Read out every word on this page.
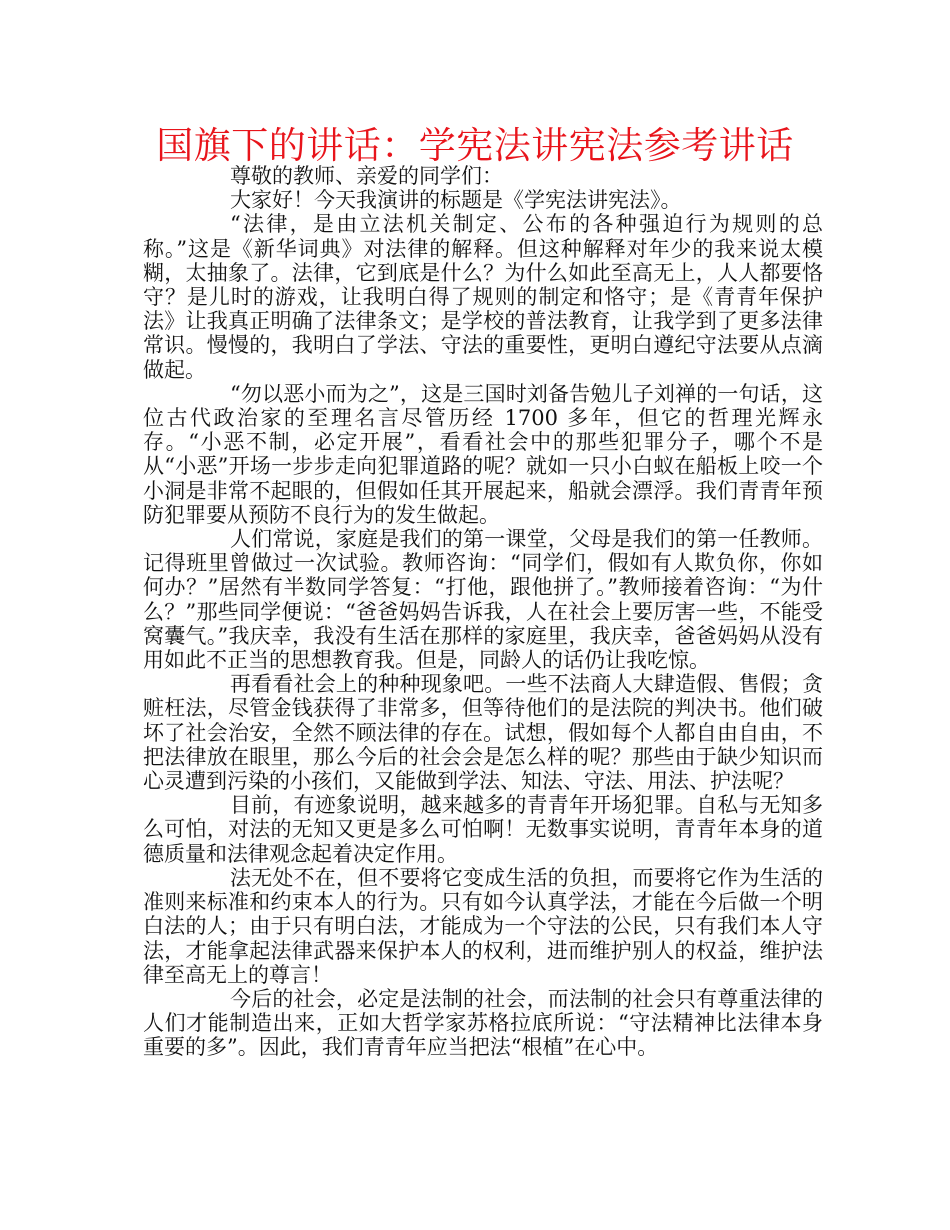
国旗下的讲话：学宪法讲宪法参考讲话

尊敬的教师、亲爱的同学们：

大家好！今天我演讲的标题是《学宪法讲宪法》。

“法律，是由立法机关制定、公布的各种强迫行为规则的总称。”这是《新华词典》对法律的解释。但这种解释对年少的我来说太模糊，太抽象了。法律，它到底是什么？为什么如此至高无上，人人都要恪守？是儿时的游戏，让我明白得了规则的制定和恪守；是《青青年保护法》让我真正明确了法律条文；是学校的普法教育，让我学到了更多法律常识。慢慢的，我明白了学法、守法的重要性，更明白遵纪守法要从点滴做起。

“勿以恶小而为之”，这是三国时刘备告勉儿子刘禅的一句话，这位古代政治家的至理名言尽管历经 1700 多年，但它的哲理光辉永存。“小恶不制，必定开展”，看看社会中的那些犯罪分子，哪个不是从“小恶”开场一步步走向犯罪道路的呢？就如一只小白蚁在船板上咬一个小洞是非常不起眼的，但假如任其开展起来，船就会漂浮。我们青青年预防犯罪要从预防不良行为的发生做起。

人们常说，家庭是我们的第一课堂，父母是我们的第一任教师。记得班里曾做过一次试验。教师咨询：“同学们，假如有人欺负你，你如何办？”居然有半数同学答复：“打他，跟他拼了。”教师接着咨询：“为什么？”那些同学便说：“爸爸妈妈告诉我，人在社会上要厉害一些，不能受窝囊气。”我庆幸，我没有生活在那样的家庭里，我庆幸，爸爸妈妈从没有用如此不正当的思想教育我。但是，同龄人的话仍让我吃惊。

再看看社会上的种种现象吧。一些不法商人大肆造假、售假；贪赃枉法，尽管金钱获得了非常多，但等待他们的是法院的判决书。他们破坏了社会治安，全然不顾法律的存在。试想，假如每个人都自由自由，不把法律放在眼里，那么今后的社会会是怎么样的呢？那些由于缺少知识而心灵遭到污染的小孩们，又能做到学法、知法、守法、用法、护法呢？

目前，有迹象说明，越来越多的青青年开场犯罪。自私与无知多么可怕，对法的无知又更是多么可怕啊！无数事实说明，青青年本身的道德质量和法律观念起着决定作用。

法无处不在，但不要将它变成生活的负担，而要将它作为生活的准则来标准和约束本人的行为。只有如今认真学法，才能在今后做一个明白法的人；由于只有明白法，才能成为一个守法的公民，只有我们本人守法，才能拿起法律武器来保护本人的权利，进而维护别人的权益，维护法律至高无上的尊言！

今后的社会，必定是法制的社会，而法制的社会只有尊重法律的人们才能制造出来，正如大哲学家苏格拉底所说：“守法精神比法律本身重要的多”。因此，我们青青年应当把法“根植”在心中。
